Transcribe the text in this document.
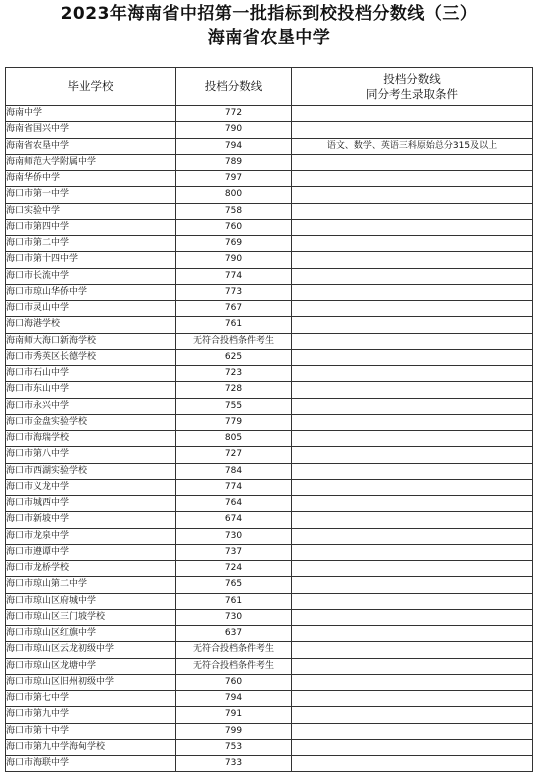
2023年海南省中招第一批指标到校投档分数线（三）
海南省农垦中学
毕业学校	投档分数线	投档分数线
同分考生录取条件

海南中学	772	
海南省国兴中学	790	
海南省农垦中学	794	语文、数学、英语三科原始总分315及以上
海南师范大学附属中学	789	
海南华侨中学	797	
海口市第一中学	800	
海口实验中学	758	
海口市第四中学	760	
海口市第二中学	769	
海口市第十四中学	790	
海口市长流中学	774	
海口市琼山华侨中学	773	
海口市灵山中学	767	
海口海港学校	761	
海南师大海口新海学校	无符合投档条件考生	
海口市秀英区长德学校	625	
海口市石山中学	723	
海口市东山中学	728	
海口市永兴中学	755	
海口市金盘实验学校	779	
海口市海瑞学校	805	
海口市第八中学	727	
海口市西湖实验学校	784	
海口市义龙中学	774	
海口市城西中学	764	
海口市新坡中学	674	
海口市龙泉中学	730	
海口市遵谭中学	737	
海口市龙桥学校	724	
海口市琼山第二中学	765	
海口市琼山区府城中学	761	
海口市琼山区三门坡学校	730	
海口市琼山区红旗中学	637	
海口市琼山区云龙初级中学	无符合投档条件考生	
海口市琼山区龙塘中学	无符合投档条件考生	
海口市琼山区旧州初级中学	760	
海口市第七中学	794	
海口市第九中学	791	
海口市第十中学	799	
海口市第九中学海甸学校	753	
海口市海联中学	733	
